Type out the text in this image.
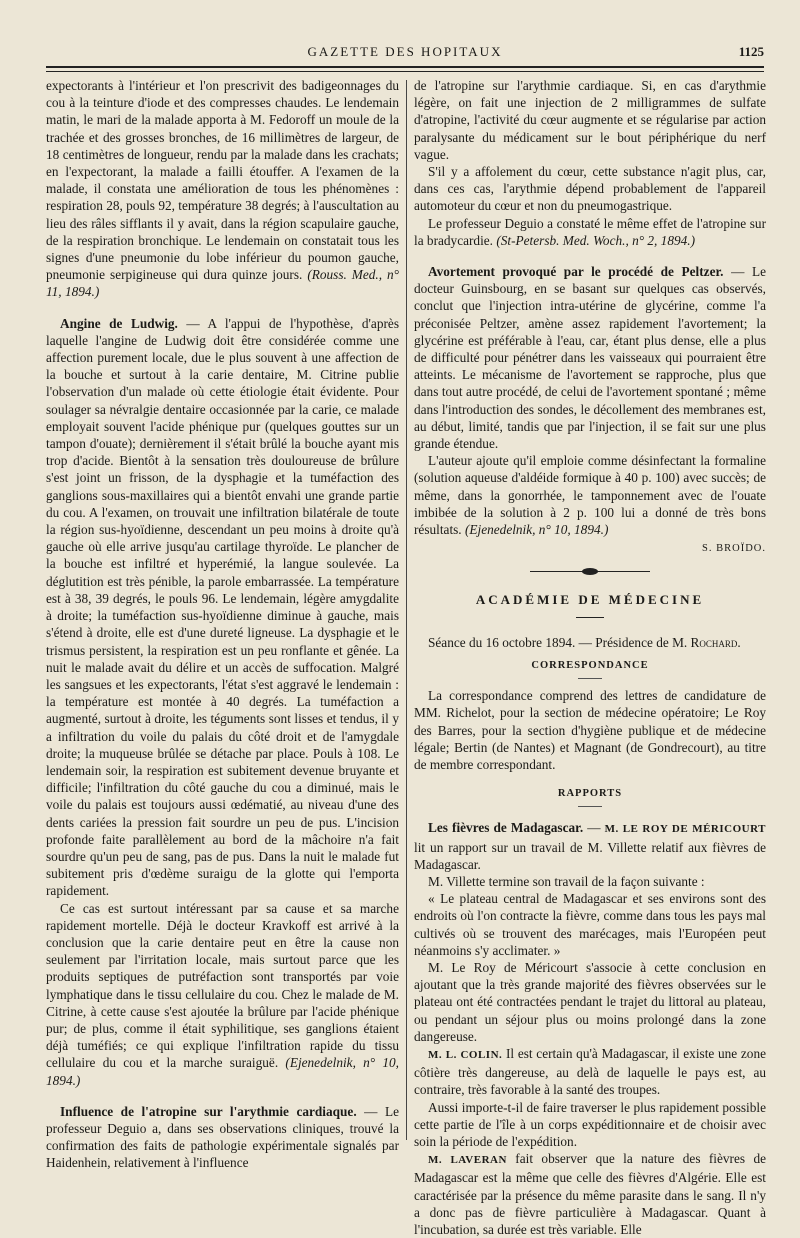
GAZETTE DES HOPITAUX	1125

expectorants à l'intérieur et l'on prescrivit des badigeonnages du cou à la teinture d'iode et des compresses chaudes. Le lendemain matin, le mari de la malade apporta à M. Fedoroff un moule de la trachée et des grosses bronches, de 16 millimètres de largeur, de 18 centimètres de longueur, rendu par la malade dans les crachats; en l'expectorant, la malade a failli étouffer. A l'examen de la malade, il constata une amélioration de tous les phénomènes : respiration 28, pouls 92, température 38 degrés; à l'auscultation au lieu des râles sifflants il y avait, dans la région scapulaire gauche, de la respiration bronchique. Le lendemain on constatait tous les signes d'une pneumonie du lobe inférieur du poumon gauche, pneumonie serpigineuse qui dura quinze jours. (Rouss. Med., n° 11, 1894.)

Angine de Ludwig. — A l'appui de l'hypothèse, d'après laquelle l'angine de Ludwig doit être considérée comme une affection purement locale, due le plus souvent à une affection de la bouche et surtout à la carie dentaire, M. Citrine publie l'observation d'un malade où cette étiologie était évidente. Pour soulager sa névralgie dentaire occasionnée par la carie, ce malade employait souvent l'acide phénique pur (quelques gouttes sur un tampon d'ouate); dernièrement il s'était brûlé la bouche ayant mis trop d'acide. Bientôt à la sensation très douloureuse de brûlure s'est joint un frisson, de la dysphagie et la tuméfaction des ganglions sous-maxillaires qui a bientôt envahi une grande partie du cou. A l'examen, on trouvait une infiltration bilatérale de toute la région sus-hyoïdienne, descendant un peu moins à droite qu'à gauche où elle arrive jusqu'au cartilage thyroïde. Le plancher de la bouche est infiltré et hyperémié, la langue soulevée. La déglutition est très pénible, la parole embarrassée. La température est à 38, 39 degrés, le pouls 96. Le lendemain, légère amygdalite à droite; la tuméfaction sus-hyoïdienne diminue à gauche, mais s'étend à droite, elle est d'une dureté ligneuse. La dysphagie et le trismus persistent, la respiration est un peu ronflante et gênée. La nuit le malade avait du délire et un accès de suffocation. Malgré les sangsues et les expectorants, l'état s'est aggravé le lendemain : la température est montée à 40 degrés. La tuméfaction a augmenté, surtout à droite, les téguments sont lisses et tendus, il y a infiltration du voile du palais du côté droit et de l'amygdale droite; la muqueuse brûlée se détache par place. Pouls à 108. Le lendemain soir, la respiration est subitement devenue bruyante et difficile; l'infiltration du côté gauche du cou a diminué, mais le voile du palais est toujours aussi œdématié, au niveau d'une des dents cariées la pression fait sourdre un peu de pus. L'incision profonde faite parallèlement au bord de la mâchoire n'a fait sourdre qu'un peu de sang, pas de pus. Dans la nuit le malade fut subitement pris d'œdème suraigu de la glotte qui l'emporta rapidement.

Ce cas est surtout intéressant par sa cause et sa marche rapidement mortelle. Déjà le docteur Kravkoff est arrivé à la conclusion que la carie dentaire peut en être la cause non seulement par l'irritation locale, mais surtout parce que les produits septiques de putréfaction sont transportés par voie lymphatique dans le tissu cellulaire du cou. Chez le malade de M. Citrine, à cette cause s'est ajoutée la brûlure par l'acide phénique pur; de plus, comme il était syphilitique, ses ganglions étaient déjà tuméfiés; ce qui explique l'infiltration rapide du tissu cellulaire du cou et la marche suraiguë. (Ejenedelnik, n° 10, 1894.)

Influence de l'atropine sur l'arythmie cardiaque. — Le professeur Deguio a, dans ses observations cliniques, trouvé la confirmation des faits de pathologie expérimentale signalés par Haidenhein, relativement à l'influence

de l'atropine sur l'arythmie cardiaque. Si, en cas d'arythmie légère, on fait une injection de 2 milligrammes de sulfate d'atropine, l'activité du cœur augmente et se régularise par action paralysante du médicament sur le bout périphérique du nerf vague.

S'il y a affolement du cœur, cette substance n'agit plus, car, dans ces cas, l'arythmie dépend probablement de l'appareil automoteur du cœur et non du pneumogastrique.

Le professeur Deguio a constaté le même effet de l'atropine sur la bradycardie. (St-Petersb. Med. Woch., n° 2, 1894.)

Avortement provoqué par le procédé de Peltzer. — Le docteur Guinsbourg, en se basant sur quelques cas observés, conclut que l'injection intra-utérine de glycérine, comme l'a préconisée Peltzer, amène assez rapidement l'avortement; la glycérine est préférable à l'eau, car, étant plus dense, elle a plus de difficulté pour pénétrer dans les vaisseaux qui pourraient être atteints. Le mécanisme de l'avortement se rapproche, plus que dans tout autre procédé, de celui de l'avortement spontané ; même dans l'introduction des sondes, le décollement des membranes est, au début, limité, tandis que par l'injection, il se fait sur une plus grande étendue.

L'auteur ajoute qu'il emploie comme désinfectant la formaline (solution aqueuse d'aldéide formique à 40 p. 100) avec succès; de même, dans la gonorrhée, le tamponnement avec de l'ouate imbibée de la solution à 2 p. 100 lui a donné de très bons résultats. (Ejenedelnik, n° 10, 1894.)

S. BROÏDO.
ACADÉMIE DE MÉDECINE

Séance du 16 octobre 1894. — Présidence de M. Rochard.

CORRESPONDANCE

La correspondance comprend des lettres de candidature de MM. Richelot, pour la section de médecine opératoire; Le Roy des Barres, pour la section d'hygiène publique et de médecine légale; Bertin (de Nantes) et Magnant (de Gondrecourt), au titre de membre correspondant.

RAPPORTS

Les fièvres de Madagascar. — M. LE ROY DE MÉRICOURT lit un rapport sur un travail de M. Villette relatif aux fièvres de Madagascar.

M. Villette termine son travail de la façon suivante :

« Le plateau central de Madagascar et ses environs sont des endroits où l'on contracte la fièvre, comme dans tous les pays mal cultivés où se trouvent des marécages, mais l'Européen peut néanmoins s'y acclimater. »

M. Le Roy de Méricourt s'associe à cette conclusion en ajoutant que la très grande majorité des fièvres observées sur le plateau ont été contractées pendant le trajet du littoral au plateau, ou pendant un séjour plus ou moins prolongé dans la zone dangereuse.

M. L. COLIN. Il est certain qu'à Madagascar, il existe une zone côtière très dangereuse, au delà de laquelle le pays est, au contraire, très favorable à la santé des troupes.

Aussi importe-t-il de faire traverser le plus rapidement possible cette partie de l'île à un corps expéditionnaire et de choisir avec soin la période de l'expédition.

M. LAVERAN fait observer que la nature des fièvres de Madagascar est la même que celle des fièvres d'Algérie. Elle est caractérisée par la présence du même parasite dans le sang. Il n'y a donc pas de fièvre particulière à Madagascar. Quant à l'incubation, sa durée est très variable. Elle
